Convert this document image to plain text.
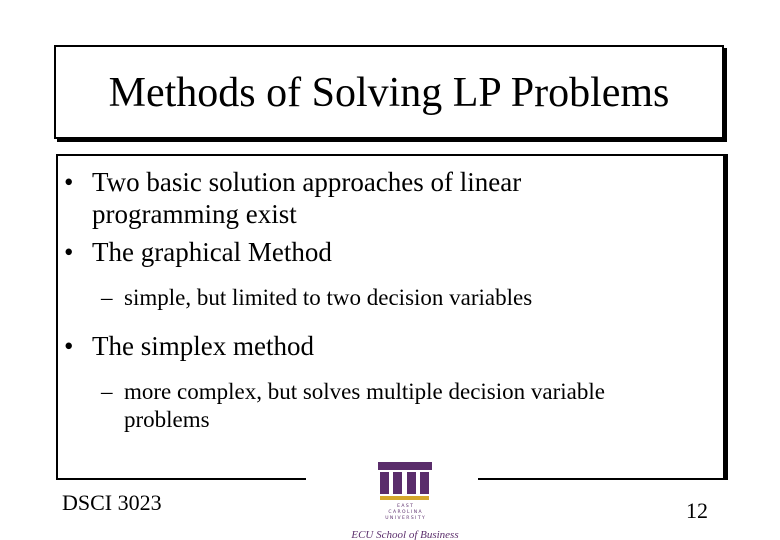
Methods of Solving LP Problems
• Two basic solution approaches of linear
programming exist
• The graphical Method
– simple, but limited to two decision variables
• The simplex method
– more complex, but solves multiple decision variable
problems
DSCI 3023	12
E A S T
C A R O L I N A
U N I V E R S I T Y
ECU School of Business
